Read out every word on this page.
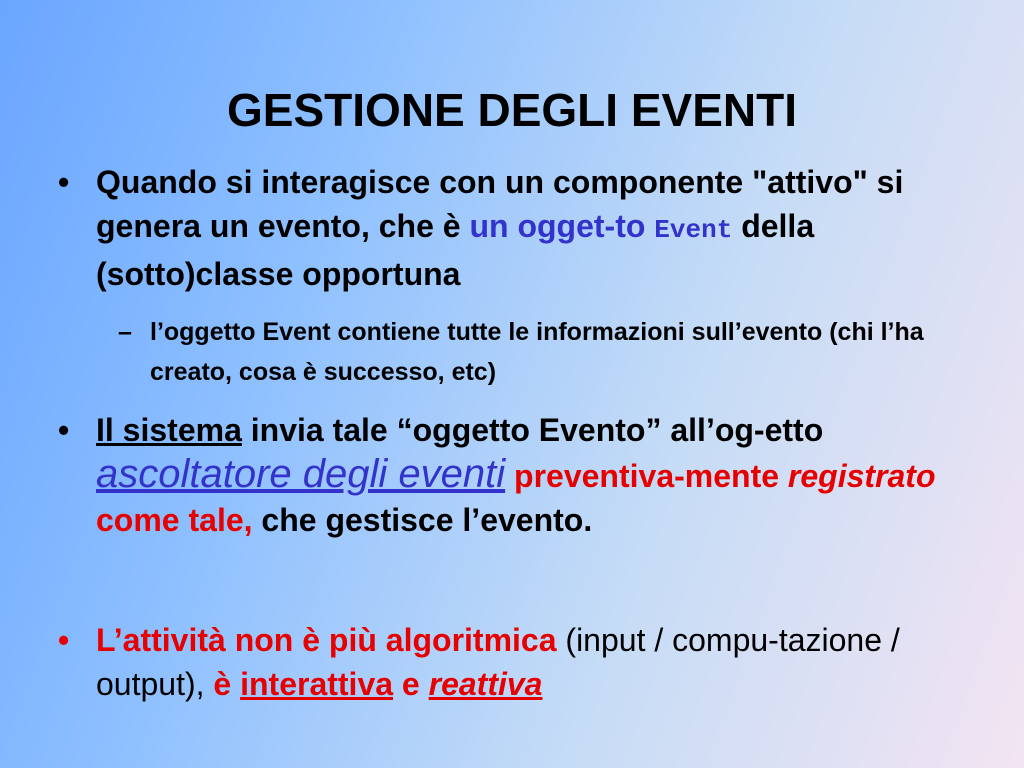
GESTIONE DEGLI EVENTI
• Quando si interagisce con un componente "attivo" si genera un evento, che è un ogget-to Event della (sotto)classe opportuna
– l’oggetto Event contiene tutte le informazioni sull’evento (chi l’ha creato, cosa è successo, etc)
• Il sistema invia tale “oggetto Evento” all’og-etto ascoltatore degli eventi preventiva-mente registrato come tale, che gestisce l’evento.
• L’attività non è più algoritmica (input / compu-tazione / output), è interattiva e reattiva
